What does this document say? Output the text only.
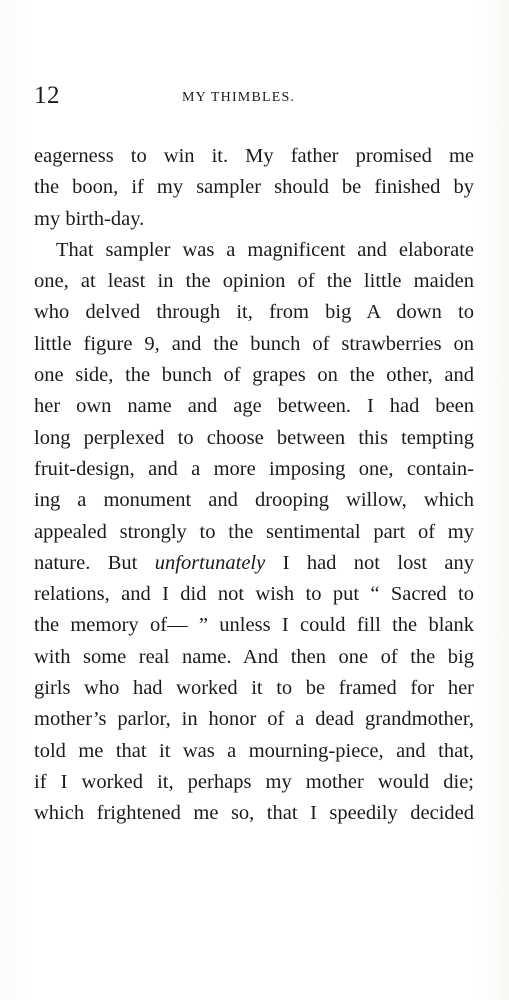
12	MY THIMBLES.
eagerness to win it. My father promised me
the boon, if my sampler should be finished by
my birth-day.
That sampler was a magnificent and elaborate
one, at least in the opinion of the little maiden
who delved through it, from big A down to
little figure 9, and the bunch of strawberries on
one side, the bunch of grapes on the other, and
her own name and age between. I had been
long perplexed to choose between this tempting
fruit-design, and a more imposing one, contain-
ing a monument and drooping willow, which
appealed strongly to the sentimental part of my
nature. But unfortunately I had not lost any
relations, and I did not wish to put “ Sacred to
the memory of— ” unless I could fill the blank
with some real name. And then one of the big
girls who had worked it to be framed for her
mother’s parlor, in honor of a dead grandmother,
told me that it was a mourning-piece, and that,
if I worked it, perhaps my mother would die;
which frightened me so, that I speedily decided
